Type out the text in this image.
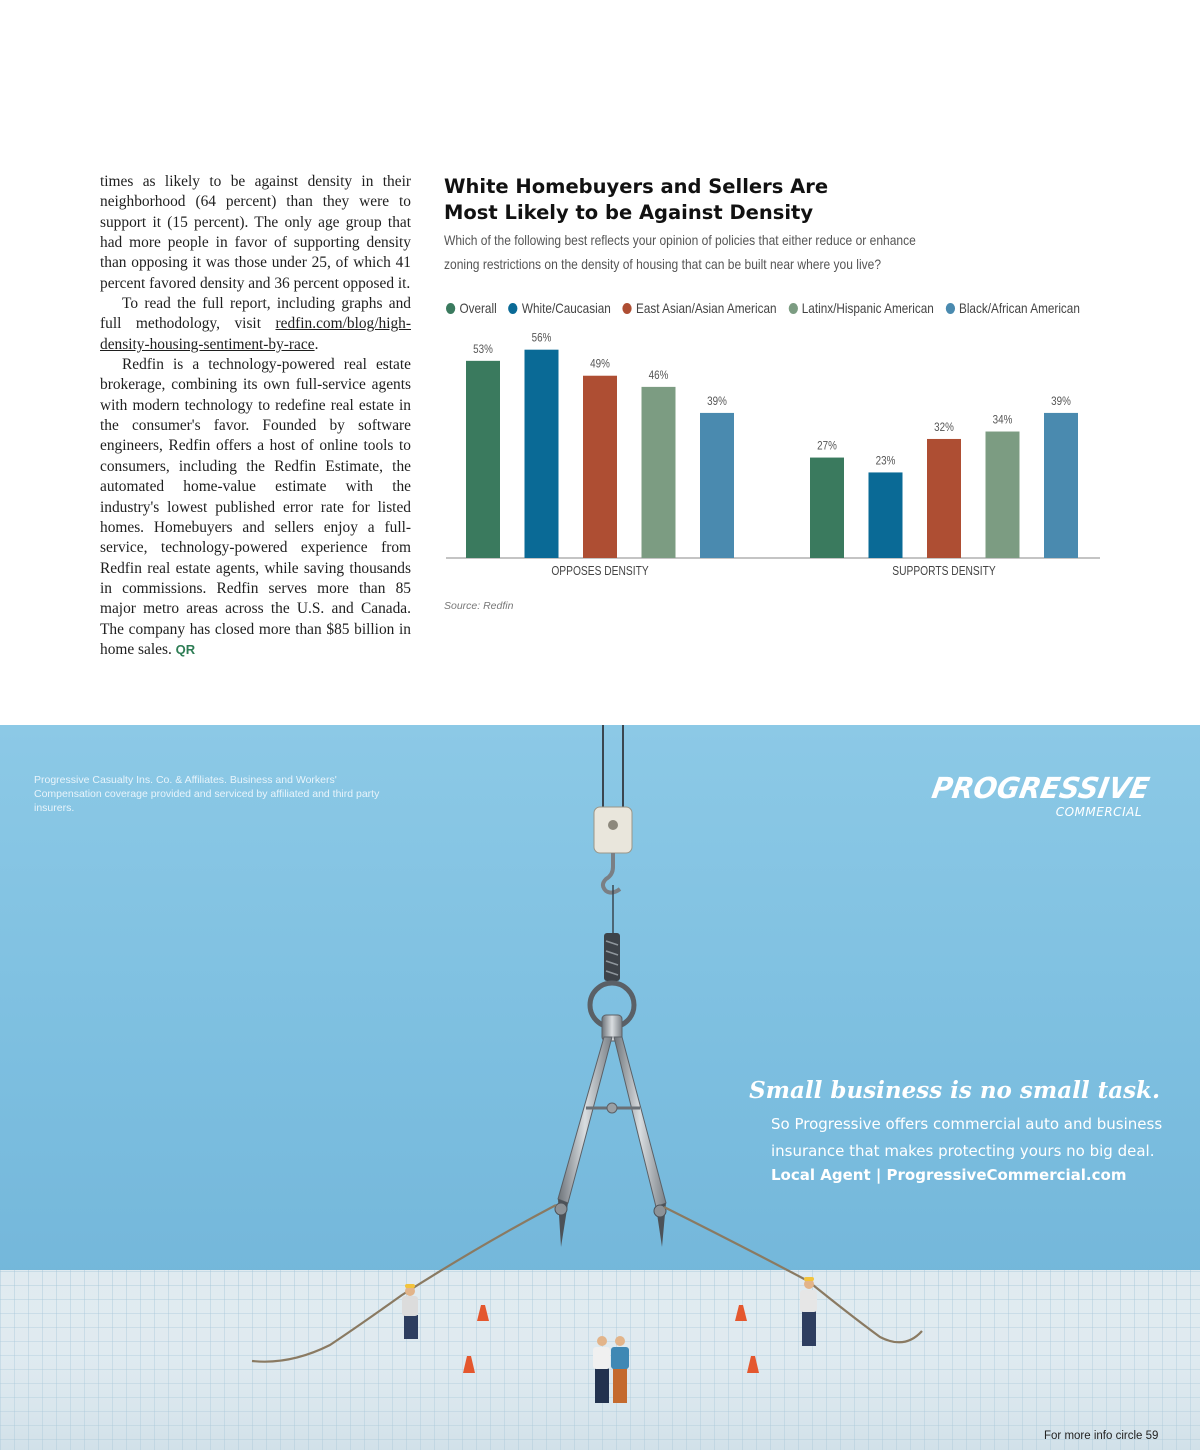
times as likely to be against density in their neighborhood (64 percent) than they were to support it (15 percent). The only age group that had more people in favor of supporting density than opposing it was those under 25, of which 41 percent favored density and 36 percent opposed it.

To read the full report, including graphs and full methodology, visit redfin.com/blog/high-density-housing-sentiment-by-race.

Redfin is a technology-powered real estate brokerage, combining its own full-service agents with modern technology to redefine real estate in the consumer's favor. Founded by software engineers, Redfin offers a host of online tools to consumers, including the Redfin Estimate, the automated home-value estimate with the industry's lowest published error rate for listed homes. Homebuyers and sellers enjoy a full-service, technology-powered experience from Redfin real estate agents, while saving thousands in commissions. Redfin serves more than 85 major metro areas across the U.S. and Canada. The company has closed more than $85 billion in home sales. QR

White Homebuyers and Sellers Are
Most Likely to be Against Density
Which of the following best reflects your opinion of policies that either reduce or enhance
zoning restrictions on the density of housing that can be built near where you live?
Overall White/Caucasian East Asian/Asian American Latinx/Hispanic American Black/African American
53%
56%
49%
46%
39%
OPPOSES DENSITY
27%
23%
32%
34%
39%
SUPPORTS DENSITY
Source: Redfin
Progressive Casualty Ins. Co. & Affiliates. Business and Workers' Compensation coverage provided and serviced by affiliated and third party insurers.
PROGRESSIVE
COMMERCIAL
Small business is no small task.
So Progressive offers commercial auto and business
insurance that makes protecting yours no big deal.
Local Agent | ProgressiveCommercial.com
For more info circle 59
